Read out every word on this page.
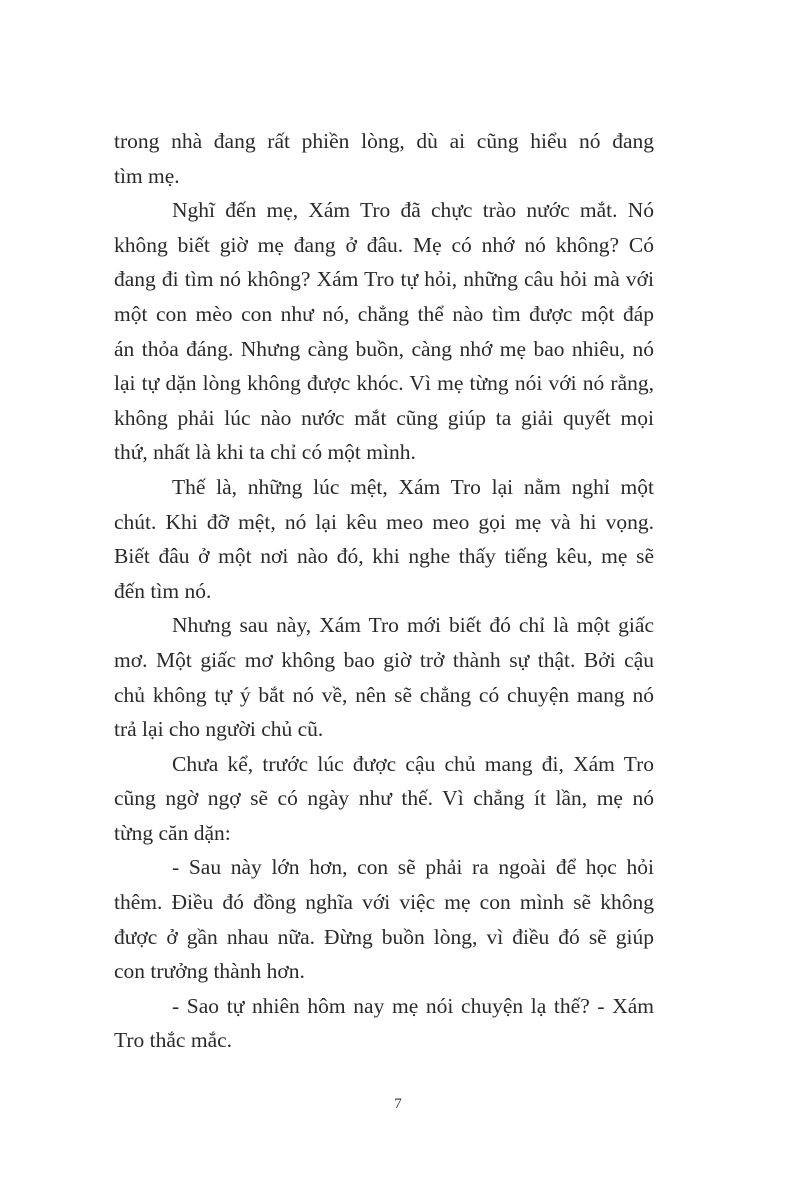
trong nhà đang rất phiền lòng, dù ai cũng hiểu nó đang
tìm mẹ.
Nghĩ đến mẹ, Xám Tro đã chực trào nước mắt. Nó
không biết giờ mẹ đang ở đâu. Mẹ có nhớ nó không? Có
đang đi tìm nó không? Xám Tro tự hỏi, những câu hỏi mà với
một con mèo con như nó, chẳng thể nào tìm được một đáp
án thỏa đáng. Nhưng càng buồn, càng nhớ mẹ bao nhiêu, nó
lại tự dặn lòng không được khóc. Vì mẹ từng nói với nó rằng,
không phải lúc nào nước mắt cũng giúp ta giải quyết mọi
thứ, nhất là khi ta chỉ có một mình.
Thế là, những lúc mệt, Xám Tro lại nằm nghỉ một
chút. Khi đỡ mệt, nó lại kêu meo meo gọi mẹ và hi vọng.
Biết đâu ở một nơi nào đó, khi nghe thấy tiếng kêu, mẹ sẽ
đến tìm nó.
Nhưng sau này, Xám Tro mới biết đó chỉ là một giấc
mơ. Một giấc mơ không bao giờ trở thành sự thật. Bởi cậu
chủ không tự ý bắt nó về, nên sẽ chẳng có chuyện mang nó
trả lại cho người chủ cũ.
Chưa kể, trước lúc được cậu chủ mang đi, Xám Tro
cũng ngờ ngợ sẽ có ngày như thế. Vì chẳng ít lần, mẹ nó
từng căn dặn:
- Sau này lớn hơn, con sẽ phải ra ngoài để học hỏi
thêm. Điều đó đồng nghĩa với việc mẹ con mình sẽ không
được ở gần nhau nữa. Đừng buồn lòng, vì điều đó sẽ giúp
con trưởng thành hơn.
- Sao tự nhiên hôm nay mẹ nói chuyện lạ thế? - Xám
Tro thắc mắc.
7
